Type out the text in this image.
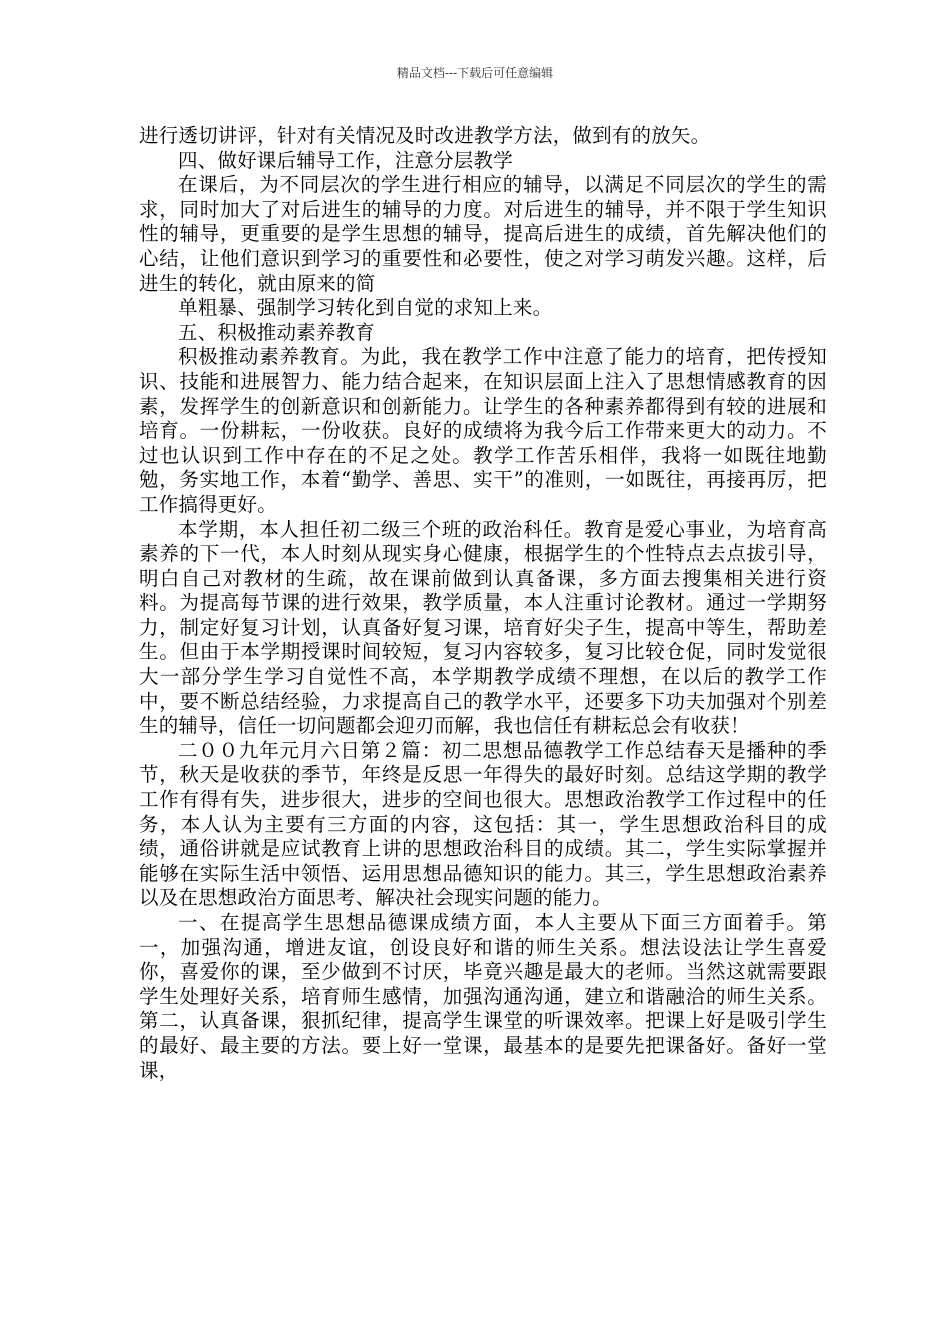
精品文档---下载后可任意编辑

进行透切讲评，针对有关情况及时改进教学方法，做到有的放矢。

四、做好课后辅导工作，注意分层教学

在课后，为不同层次的学生进行相应的辅导，以满足不同层次的学生的需求，同时加大了对后进生的辅导的力度。对后进生的辅导，并不限于学生知识性的辅导，更重要的是学生思想的辅导，提高后进生的成绩，首先解决他们的心结，让他们意识到学习的重要性和必要性，使之对学习萌发兴趣。这样，后进生的转化，就由原来的简

单粗暴、强制学习转化到自觉的求知上来。

五、积极推动素养教育

积极推动素养教育。为此，我在教学工作中注意了能力的培育，把传授知识、技能和进展智力、能力结合起来，在知识层面上注入了思想情感教育的因素，发挥学生的创新意识和创新能力。让学生的各种素养都得到有较的进展和培育。一份耕耘，一份收获。良好的成绩将为我今后工作带来更大的动力。不过也认识到工作中存在的不足之处。教学工作苦乐相伴，我将一如既往地勤勉，务实地工作，本着“勤学、善思、实干”的准则，一如既往，再接再厉，把工作搞得更好。

本学期，本人担任初二级三个班的政治科任。教育是爱心事业，为培育高素养的下一代，本人时刻从现实身心健康，根据学生的个性特点去点拔引导，明白自己对教材的生疏，故在课前做到认真备课，多方面去搜集相关进行资料。为提高每节课的进行效果，教学质量，本人注重讨论教材。通过一学期努力，制定好复习计划，认真备好复习课，培育好尖子生，提高中等生，帮助差生。但由于本学期授课时间较短，复习内容较多，复习比较仓促，同时发觉很大一部分学生学习自觉性不高，本学期教学成绩不理想，在以后的教学工作中，要不断总结经验，力求提高自己的教学水平，还要多下功夫加强对个别差生的辅导，信任一切问题都会迎刃而解，我也信任有耕耘总会有收获！

二００九年元月六日第２篇：初二思想品德教学工作总结春天是播种的季节，秋天是收获的季节，年终是反思一年得失的最好时刻。总结这学期的教学工作有得有失，进步很大，进步的空间也很大。思想政治教学工作过程中的任务，本人认为主要有三方面的内容，这包括：其一，学生思想政治科目的成绩，通俗讲就是应试教育上讲的思想政治科目的成绩。其二，学生实际掌握并能够在实际生活中领悟、运用思想品德知识的能力。其三，学生思想政治素养以及在思想政治方面思考、解决社会现实问题的能力。

一、在提高学生思想品德课成绩方面，本人主要从下面三方面着手。第一，加强沟通，增进友谊，创设良好和谐的师生关系。想法设法让学生喜爱你，喜爱你的课，至少做到不讨厌，毕竟兴趣是最大的老师。当然这就需要跟学生处理好关系，培育师生感情，加强沟通沟通，建立和谐融洽的师生关系。第二，认真备课，狠抓纪律，提高学生课堂的听课效率。把课上好是吸引学生的最好、最主要的方法。要上好一堂课，最基本的是要先把课备好。备好一堂课，
